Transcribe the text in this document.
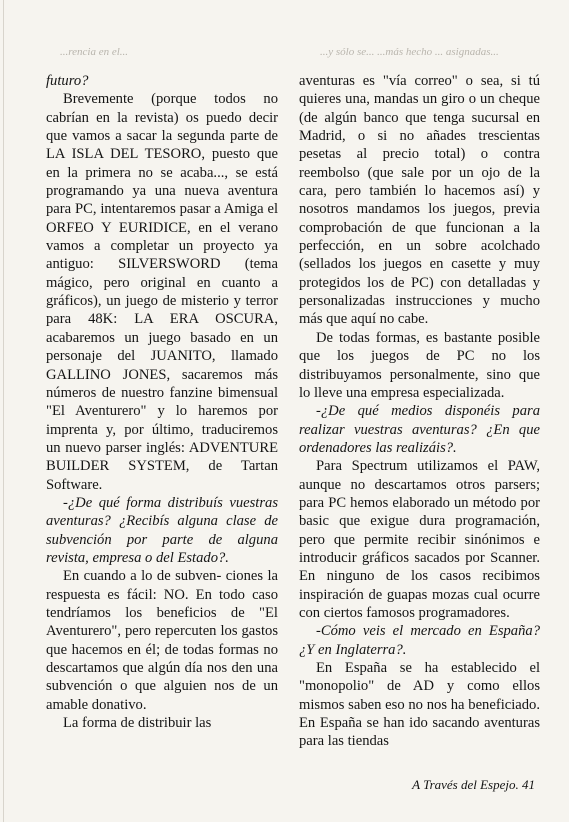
...rencia en el...	...y sólo se... ...más hecho ... asignadas...

futuro?

Brevemente (porque todos no cabrían en la revista) os puedo decir que vamos a sacar la segunda parte de LA ISLA DEL TESORO, puesto que en la primera no se acaba..., se está programando ya una nueva aventura para PC, intentaremos pasar a Amiga el ORFEO Y EURIDICE, en el verano vamos a completar un proyecto ya antiguo: SILVERSWORD (tema mágico, pero original en cuanto a gráficos), un juego de misterio y terror para 48K: LA ERA OSCURA, acabaremos un juego basado en un personaje del JUANITO, llamado GALLINO JONES, sacaremos más números de nuestro fanzine bimensual "El Aventurero" y lo haremos por imprenta y, por último, traduciremos un nuevo parser inglés: ADVENTURE BUILDER SYSTEM, de Tartan Software.

-¿De qué forma distribuís vuestras aventuras? ¿Recibís alguna clase de subvención por parte de alguna revista, empresa o del Estado?.

En cuando a lo de subven- ciones la respuesta es fácil: NO. En todo caso tendríamos los beneficios de "El Aventurero", pero repercuten los gastos que hacemos en él; de todas formas no descartamos que algún día nos den una subvención o que alguien nos de un amable donativo.

La forma de distribuir las

aventuras es "vía correo" o sea, si tú quieres una, mandas un giro o un cheque (de algún banco que tenga sucursal en Madrid, o si no añades trescientas pesetas al precio total) o contra reembolso (que sale por un ojo de la cara, pero también lo hacemos así) y nosotros mandamos los juegos, previa comprobación de que funcionan a la perfección, en un sobre acolchado (sellados los juegos en casette y muy protegidos los de PC) con detalladas y personalizadas instrucciones y mucho más que aquí no cabe.

De todas formas, es bastante posible que los juegos de PC no los distribuyamos personalmente, sino que lo lleve una empresa especializada.

-¿De qué medios disponéis para realizar vuestras aventuras? ¿En que ordenadores las realizáis?.

Para Spectrum utilizamos el PAW, aunque no descartamos otros parsers; para PC hemos elaborado un método por basic que exigue dura programación, pero que permite recibir sinónimos e introducir gráficos sacados por Scanner. En ninguno de los casos recibimos inspiración de guapas mozas cual ocurre con ciertos famosos programadores.

-Cómo veis el mercado en España? ¿Y en Inglaterra?.

En España se ha establecido el "monopolio" de AD y como ellos mismos saben eso no nos ha beneficiado. En España se han ido sacando aventuras para las tiendas

A Través del Espejo. 41
